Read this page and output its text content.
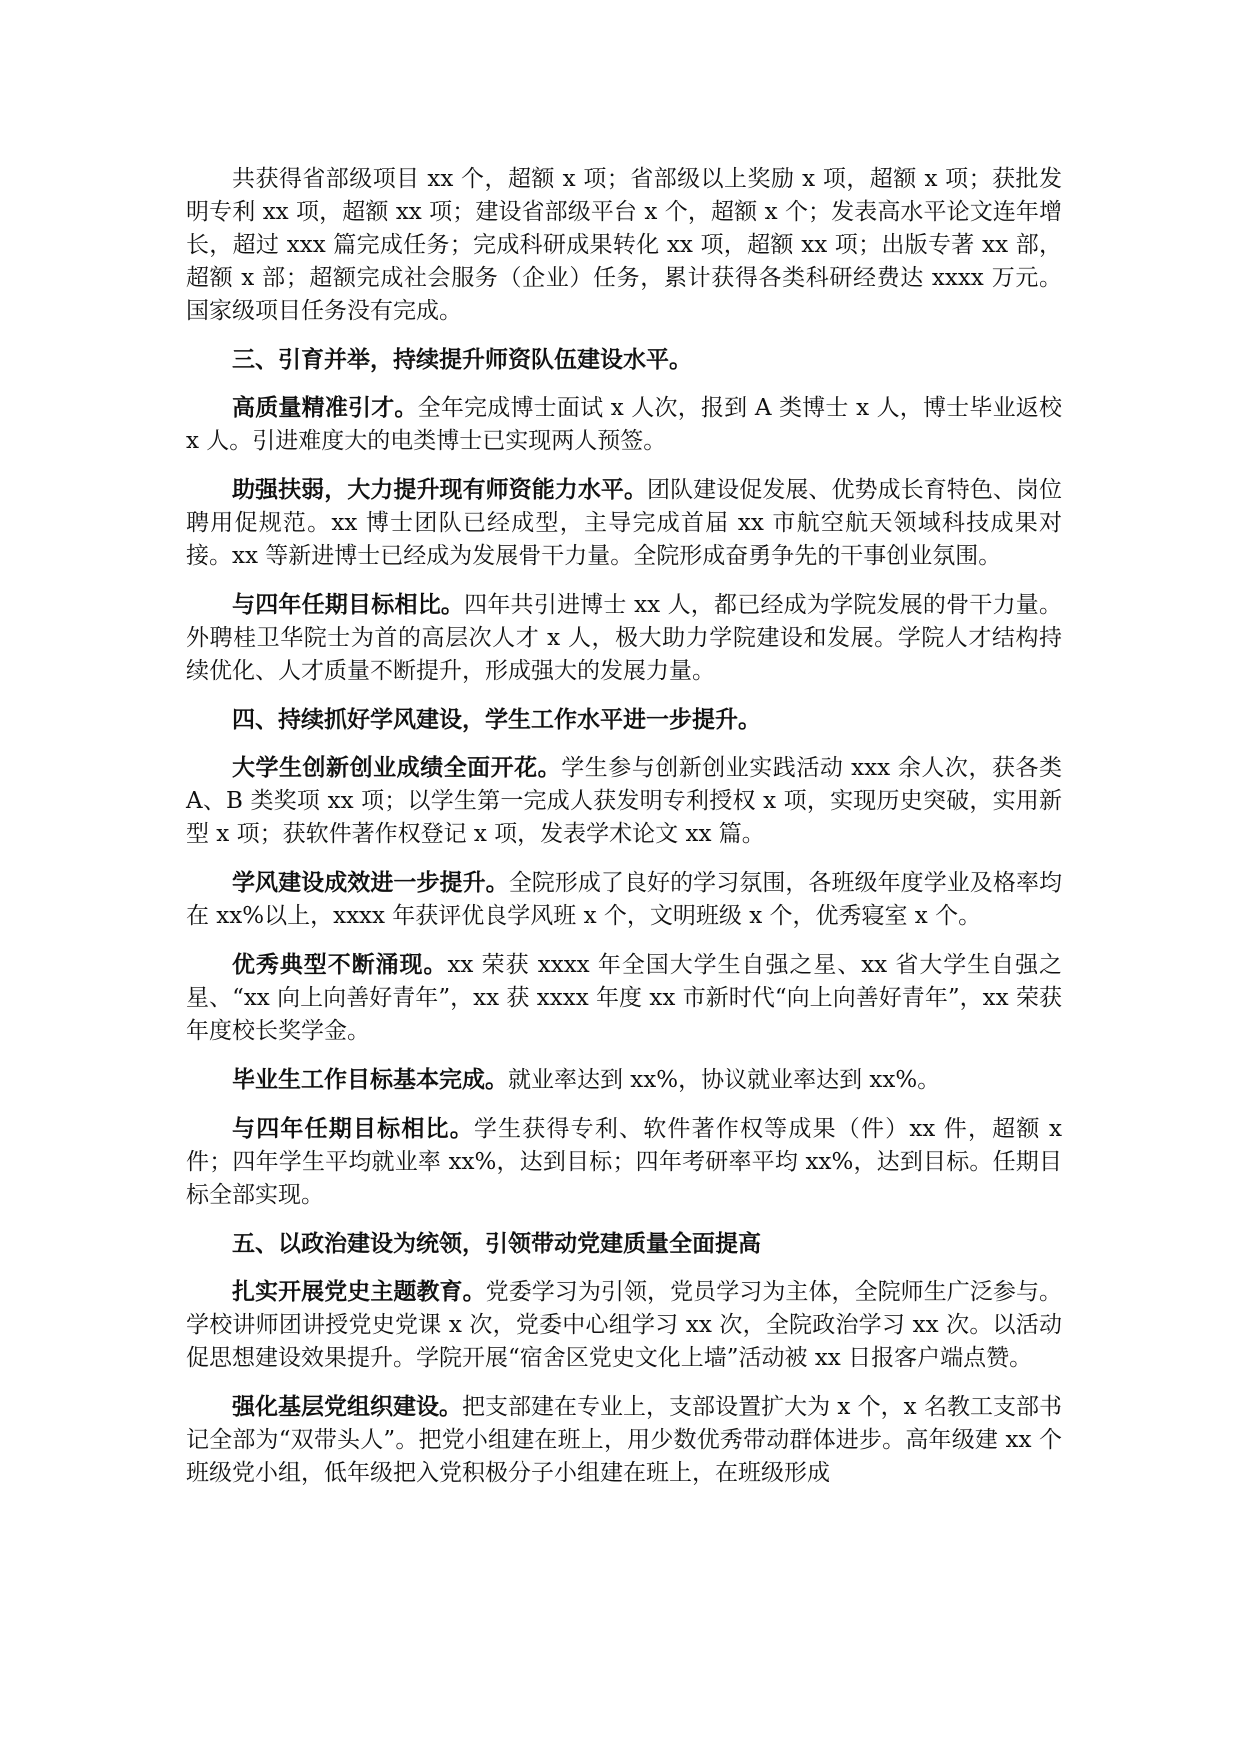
共获得省部级项目 xx 个，超额 x 项；省部级以上奖励 x 项，超额 x 项；获批发明专利 xx 项，超额 xx 项；建设省部级平台 x 个，超额 x 个；发表高水平论文连年增长，超过 xxx 篇完成任务；完成科研成果转化 xx 项，超额 xx 项；出版专著 xx 部，超额 x 部；超额完成社会服务（企业）任务，累计获得各类科研经费达 xxxx 万元。国家级项目任务没有完成。

三、引育并举，持续提升师资队伍建设水平。

高质量精准引才。全年完成博士面试 x 人次，报到 A 类博士 x 人，博士毕业返校 x 人。引进难度大的电类博士已实现两人预签。

助强扶弱，大力提升现有师资能力水平。团队建设促发展、优势成长育特色、岗位聘用促规范。xx 博士团队已经成型，主导完成首届 xx 市航空航天领域科技成果对接。xx 等新进博士已经成为发展骨干力量。全院形成奋勇争先的干事创业氛围。

与四年任期目标相比。四年共引进博士 xx 人，都已经成为学院发展的骨干力量。外聘桂卫华院士为首的高层次人才 x 人，极大助力学院建设和发展。学院人才结构持续优化、人才质量不断提升，形成强大的发展力量。

四、持续抓好学风建设，学生工作水平进一步提升。

大学生创新创业成绩全面开花。学生参与创新创业实践活动 xxx 余人次，获各类 A、B 类奖项 xx 项；以学生第一完成人获发明专利授权 x 项，实现历史突破，实用新型 x 项；获软件著作权登记 x 项，发表学术论文 xx 篇。

学风建设成效进一步提升。全院形成了良好的学习氛围，各班级年度学业及格率均在 xx%以上，xxxx 年获评优良学风班 x 个，文明班级 x 个，优秀寝室 x 个。

优秀典型不断涌现。xx 荣获 xxxx 年全国大学生自强之星、xx 省大学生自强之星、“xx 向上向善好青年”，xx 获 xxxx 年度 xx 市新时代“向上向善好青年”，xx 荣获年度校长奖学金。

毕业生工作目标基本完成。就业率达到 xx%，协议就业率达到 xx%。

与四年任期目标相比。学生获得专利、软件著作权等成果（件）xx 件，超额 x 件；四年学生平均就业率 xx%，达到目标；四年考研率平均 xx%，达到目标。任期目标全部实现。

五、以政治建设为统领，引领带动党建质量全面提高

扎实开展党史主题教育。党委学习为引领，党员学习为主体，全院师生广泛参与。学校讲师团讲授党史党课 x 次，党委中心组学习 xx 次，全院政治学习 xx 次。以活动促思想建设效果提升。学院开展“宿舍区党史文化上墙”活动被 xx 日报客户端点赞。

强化基层党组织建设。把支部建在专业上，支部设置扩大为 x 个，x 名教工支部书记全部为“双带头人”。把党小组建在班上，用少数优秀带动群体进步。高年级建 xx 个班级党小组，低年级把入党积极分子小组建在班上，在班级形成
